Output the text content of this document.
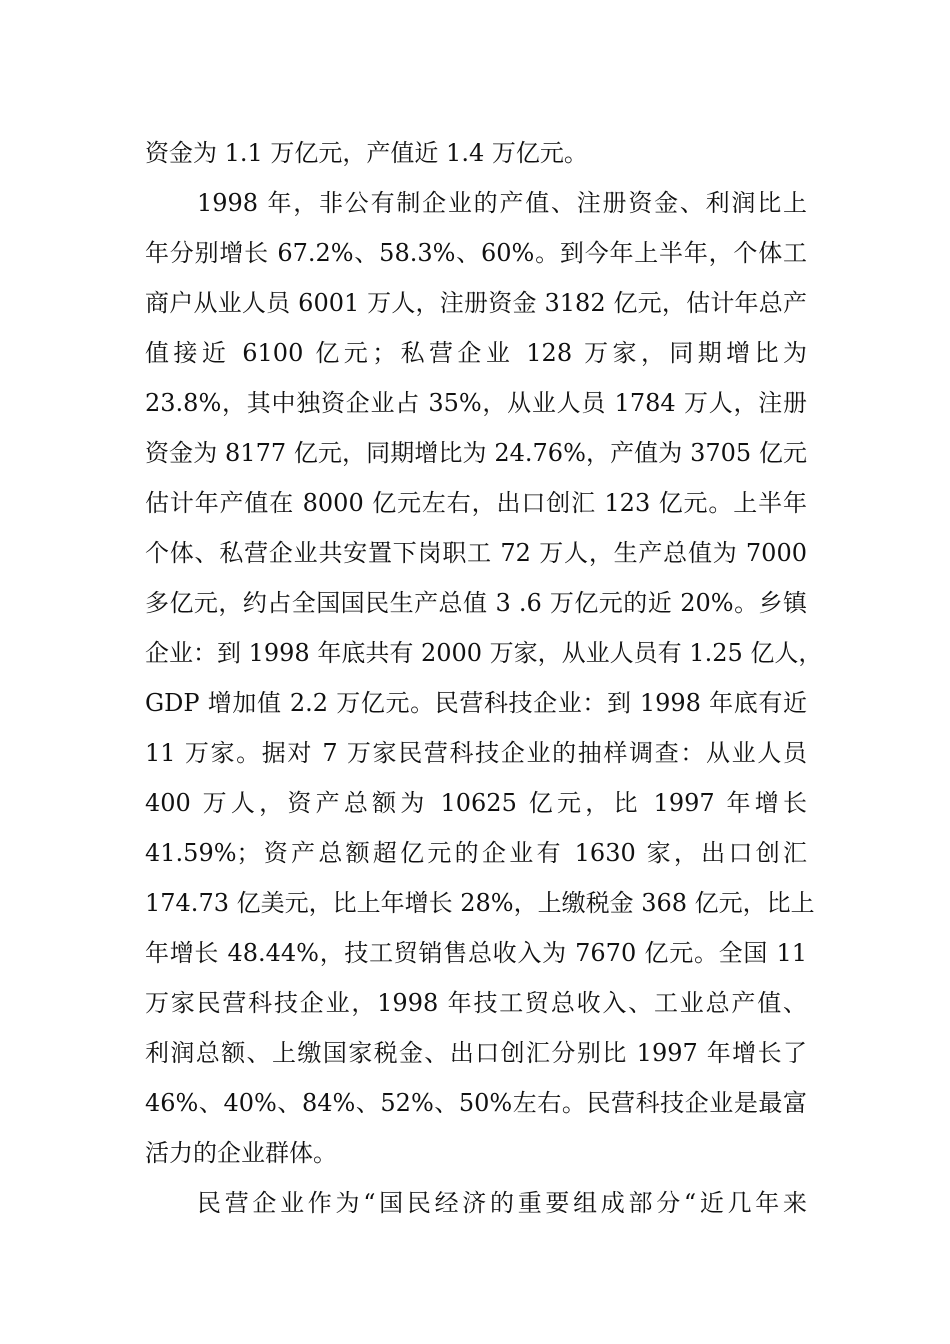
资金为 1.1 万亿元，产值近 1.4 万亿元。
1998 年，非公有制企业的产值、注册资金、利润比上
年分别增长 67.2%、58.3%、60%。到今年上半年，个体工
商户从业人员 6001 万人，注册资金 3182 亿元，估计年总产
值接近 6100 亿元；私营企业 128 万家，同期增比为
23.8%，其中独资企业占 35%，从业人员 1784 万人，注册
资金为 8177 亿元，同期增比为 24.76%，产值为 3705 亿元
估计年产值在 8000 亿元左右，出口创汇 123 亿元。上半年
个体、私营企业共安置下岗职工 72 万人，生产总值为 7000
多亿元，约占全国国民生产总值 3 .6 万亿元的近 20%。乡镇
企业：到 1998 年底共有 2000 万家，从业人员有 1.25 亿人，
GDP 增加值 2.2 万亿元。民营科技企业：到 1998 年底有近
11 万家。据对 7 万家民营科技企业的抽样调查：从业人员
400 万人，资产总额为 10625 亿元，比 1997 年增长
41.59%；资产总额超亿元的企业有 1630 家，出口创汇
174.73 亿美元，比上年增长 28%，上缴税金 368 亿元，比上
年增长 48.44%，技工贸销售总收入为 7670 亿元。全国 11
万家民营科技企业，1998 年技工贸总收入、工业总产值、
利润总额、上缴国家税金、出口创汇分别比 1997 年增长了
46%、40%、84%、52%、50%左右。民营科技企业是最富
活力的企业群体。
民营企业作为“国民经济的重要组成部分“近几年来
